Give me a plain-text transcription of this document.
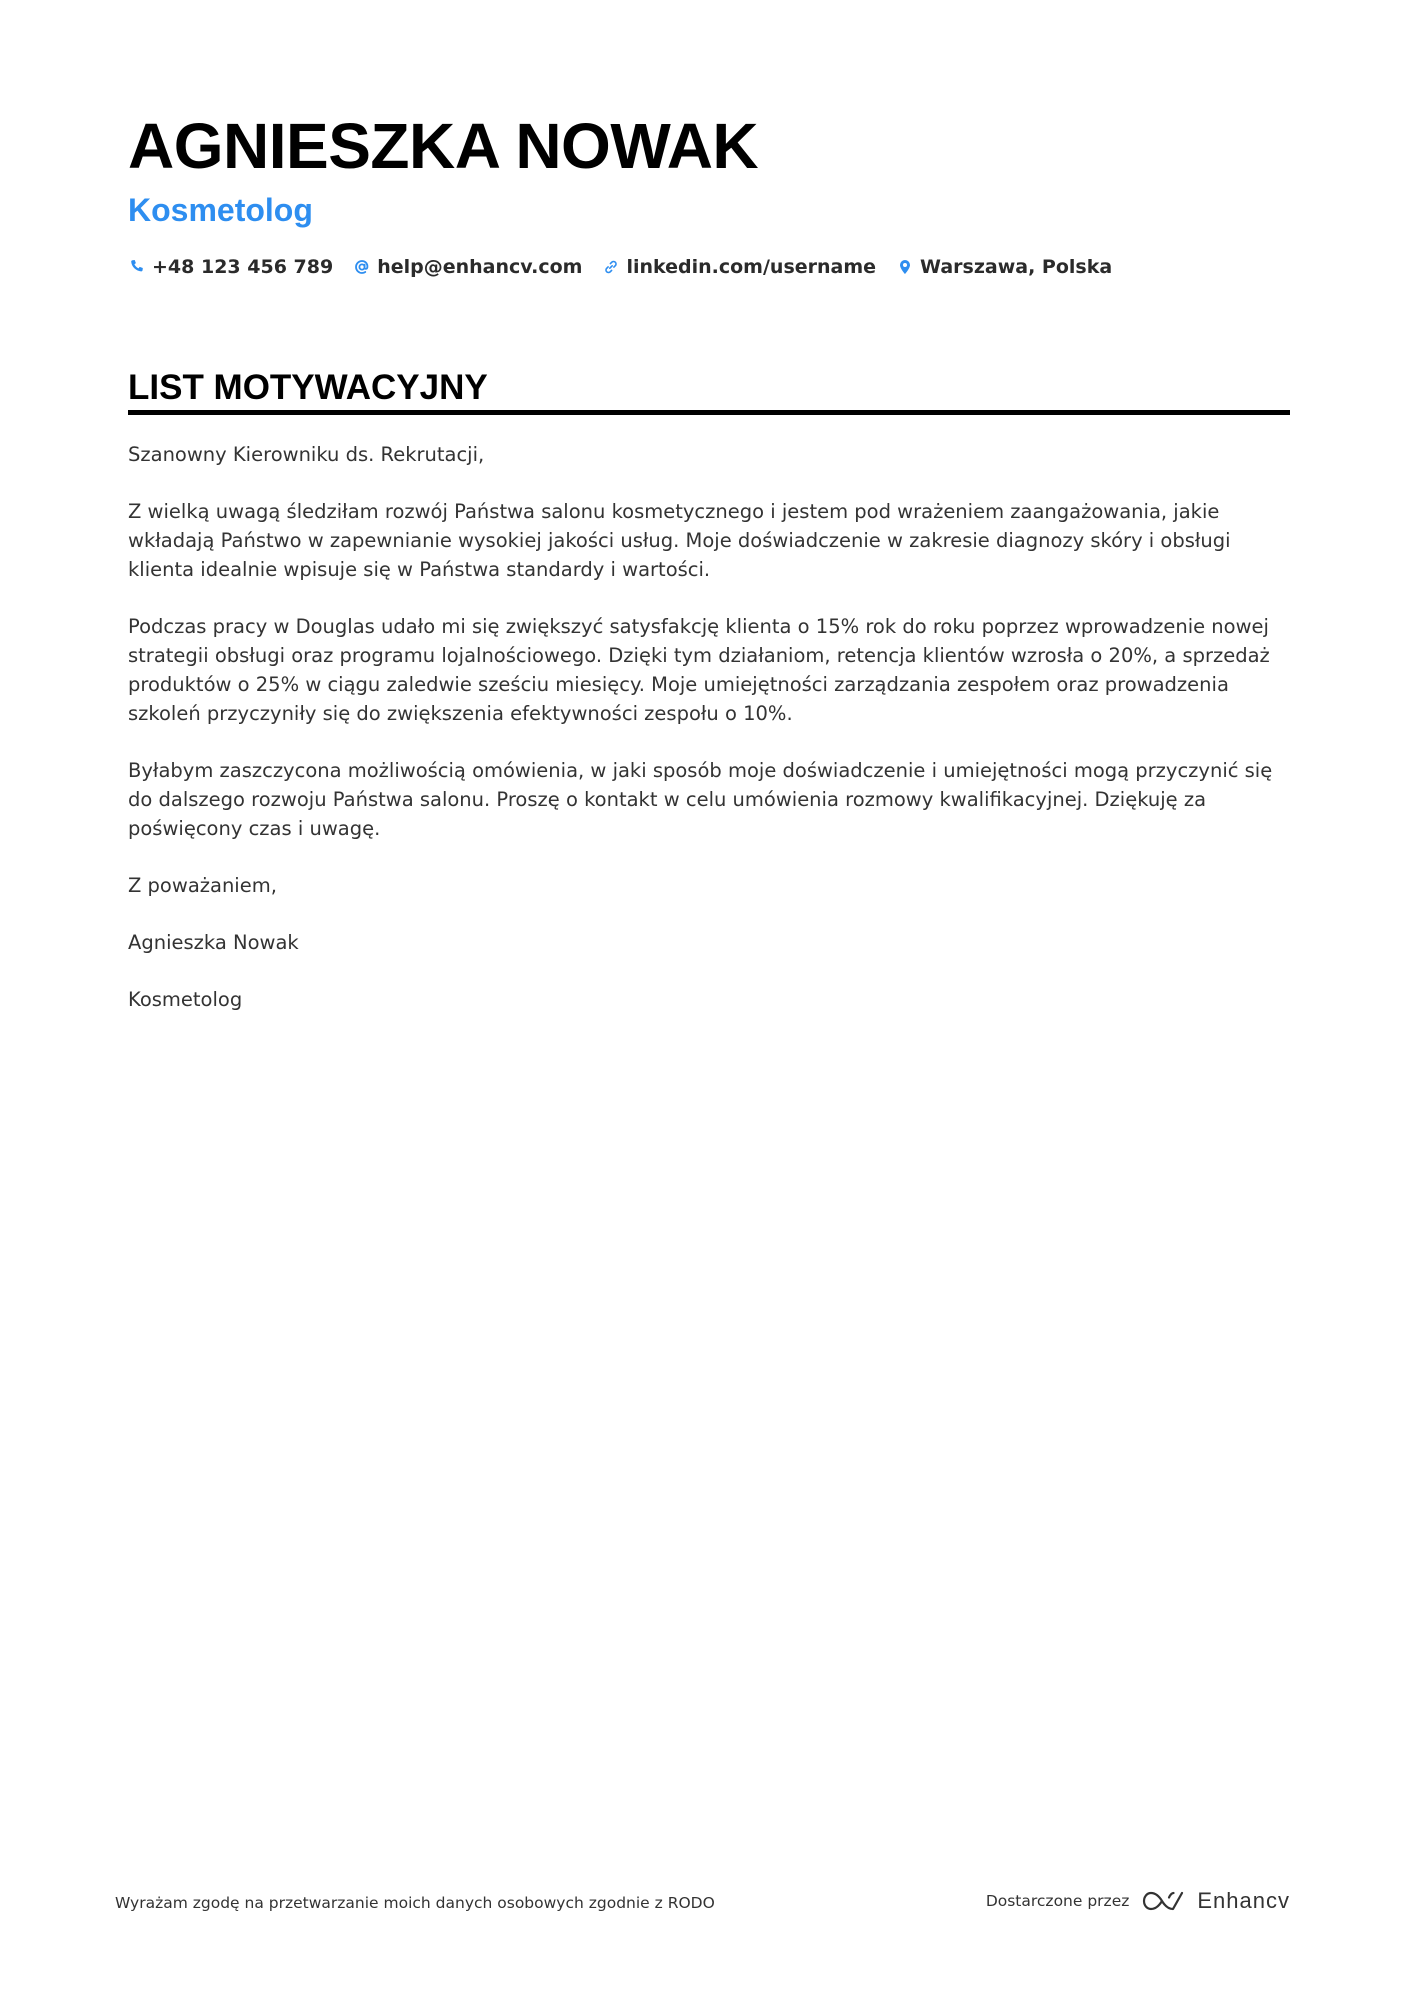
AGNIESZKA NOWAK
Kosmetolog
+48 123 456 789 help@enhancv.com linkedin.com/username Warszawa, Polska
LIST MOTYWACYJNY

Szanowny Kierowniku ds. Rekrutacji,

Z wielką uwagą śledziłam rozwój Państwa salonu kosmetycznego i jestem pod wrażeniem zaangażowania, jakie wkładają Państwo w zapewnianie wysokiej jakości usług. Moje doświadczenie w zakresie diagnozy skóry i obsługi klienta idealnie wpisuje się w Państwa standardy i wartości.

Podczas pracy w Douglas udało mi się zwiększyć satysfakcję klienta o 15% rok do roku poprzez wprowadzenie nowej strategii obsługi oraz programu lojalnościowego. Dzięki tym działaniom, retencja klientów wzrosła o 20%, a sprzedaż produktów o 25% w ciągu zaledwie sześciu miesięcy. Moje umiejętności zarządzania zespołem oraz prowadzenia szkoleń przyczyniły się do zwiększenia efektywności zespołu o 10%.

Byłabym zaszczycona możliwością omówienia, w jaki sposób moje doświadczenie i umiejętności mogą przyczynić się do dalszego rozwoju Państwa salonu. Proszę o kontakt w celu umówienia rozmowy kwalifikacyjnej. Dziękuję za poświęcony czas i uwagę.

Z poważaniem,

Agnieszka Nowak

Kosmetolog

Wyrażam zgodę na przetwarzanie moich danych osobowych zgodnie z RODO	Dostarczone przez	Enhancv
